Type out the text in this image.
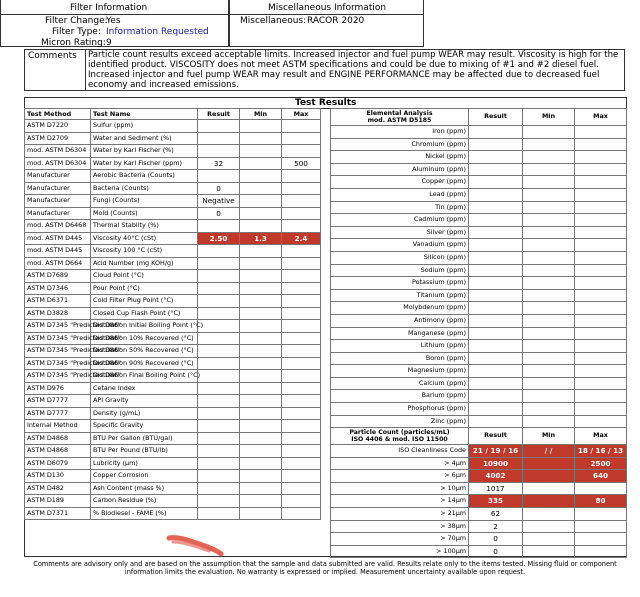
Filter Information	Miscellaneous Information
Filter Change:
Yes
Filter Type: Information Requested
Micron Rating: 9
Miscellaneous: RACOR 2020
Comments Particle count results exceed acceptable limits. Increased injector and fuel pump WEAR may result. Viscosity is high for the identified product. VISCOSITY does not meet ASTM specifications and could be due to mixing of #1 and #2 diesel fuel. Increased injector and fuel pump WEAR may result and ENGINE PERFORMANCE may be affected due to decreased fuel economy and increased emissions.
Test Results
Test Method	Test Name	Result	Min	Max
ASTM D7220	Sulfur (ppm)			
ASTM D2709	Water and Sediment (%)			
mod. ASTM D6304	Water by Karl Fischer (%)			
mod. ASTM D6304	Water by Karl Fischer (ppm)	32		500
Manufacturer	Aerobic Bacteria (Counts)			
Manufacturer	Bacteria (Counts)	0		
Manufacturer	Fungi (Counts)	Negative		
Manufacturer	Mold (Counts)	0		
mod. ASTM D6468	Thermal Stablity (%)			
mod. ASTM D445	Viscosity 40°C (cSt)	2.50	1.3	2.4
mod. ASTM D445	Viscosity 100 °C (cSt)			
mod. ASTM D664	Acid Number (mg KOH/g)			
ASTM D7689	Cloud Point (°C)			
ASTM D7346	Pour Point (°C)			
ASTM D6371	Cold Filter Plug Point (°C)			
ASTM D3828	Closed Cup Flash Point (°C)			
ASTM D7345 "Predicted D86"	Distillation Initial Boiling Point (°C)			
ASTM D7345 "Predicted D86"	Distillation 10% Recovered (°C)			
ASTM D7345 "Predicted D86"	Distillation 50% Recovered (°C)			
ASTM D7345 "Predicted D86"	Distillation 90% Recovered (°C)			
ASTM D7345 "Predicted D86"	Distillation Final Boiling Point (°C)			
ASTM D976	Cetane Index			
ASTM D7777	API Gravity			
ASTM D7777	Density (g/mL)			
Internal Method	Specific Gravity			
ASTM D4868	BTU Per Gallon (BTU/gal)			
ASTM D4868	BTU Per Pound (BTU/lb)			
ASTM D6079	Lubricity (µm)			
ASTM D130	Copper Corrosion			
ASTM D482	Ash Content (mass %)			
ASTM D189	Carbon Residue (%)			
ASTM D7371	% Biodiesel - FAME (%)			
Elemental Analysis
mod. ASTM D5185	Result	Min	Max
Iron (ppm)			
Chromium (ppm)			
Nickel (ppm)			
Aluminum (ppm)			
Copper (ppm)			
Lead (ppm)			
Tin (ppm)			
Cadmium (ppm)			
Silver (ppm)			
Vanadium (ppm)			
Silicon (ppm)			
Sodium (ppm)			
Potassium (ppm)			
Titanium (ppm)			
Molybdenum (ppm)			
Antimony (ppm)			
Manganese (ppm)			
Lithium (ppm)			
Boron (ppm)			
Magnesium (ppm)			
Calcium (ppm)			
Barium (ppm)			
Phosphorus (ppm)			
Zinc (ppm)			
Particle Count (particles/mL)
ISO 4406 & mod. ISO 11500	Result	Min	Max
ISO Cleanliness Code	21 / 19 / 16	/ /	18 / 16 / 13
> 4µm	10900		2500
> 6µm	4002		640
> 10µm	1017		
> 14µm	335		80
> 21µm	62		
> 38µm	2		
> 70µm	0		
> 100µm	0		
Comments are advisory only and are based on the assumption that the sample and data submitted are valid. Results relate only to the items tested. Missing fluid or component information limits the evaluation. No warranty is expressed or implied. Measurement uncertainty available upon request.
